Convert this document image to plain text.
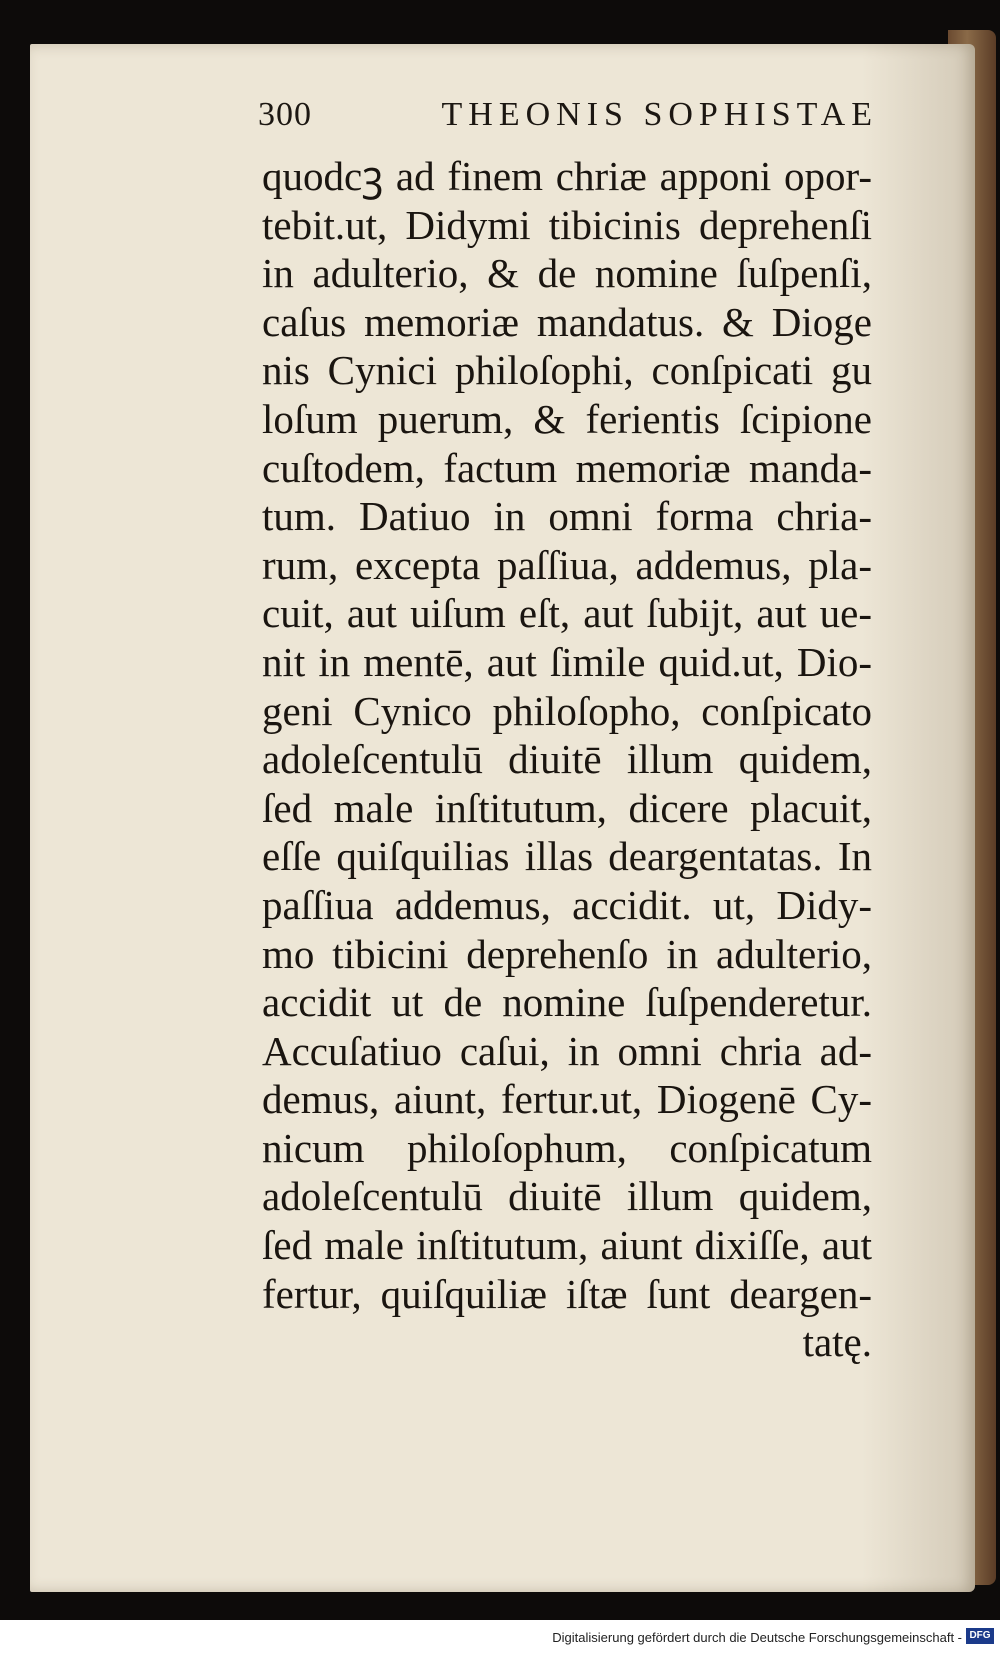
300	THEONIS SOPHISTAE
quodcꝫ ad finem chriæ apponi opor-
tebit.ut, Didymi tibicinis deprehenſi
in adulterio, & de nomine ſuſpenſi,
caſus memoriæ mandatus. & Dioge
nis Cynici philoſophi, conſpicati gu
loſum puerum, & ferientis ſcipione
cuſtodem, factum memoriæ manda-
tum. Datiuo in omni forma chria-
rum, excepta paſſiua, addemus, pla-
cuit, aut uiſum eſt, aut ſubijt, aut ue-
nit in mentē, aut ſimile quid.ut, Dio-
geni Cynico philoſopho, conſpicato
adoleſcentulū diuitē illum quidem,
ſed male inſtitutum, dicere placuit,
eſſe quiſquilias illas deargentatas. In
paſſiua addemus, accidit. ut, Didy-
mo tibicini deprehenſo in adulterio,
accidit ut de nomine ſuſpenderetur.
Accuſatiuo caſui, in omni chria ad-
demus, aiunt, fertur.ut, Diogenē Cy-
nicum philoſophum, conſpicatum
adoleſcentulū diuitē illum quidem,
ſed male inſtitutum, aiunt dixiſſe, aut
fertur, quiſquiliæ iſtæ ſunt deargen-
tatę.
Digitalisierung gefördert durch die Deutsche Forschungsgemeinschaft - DFG
